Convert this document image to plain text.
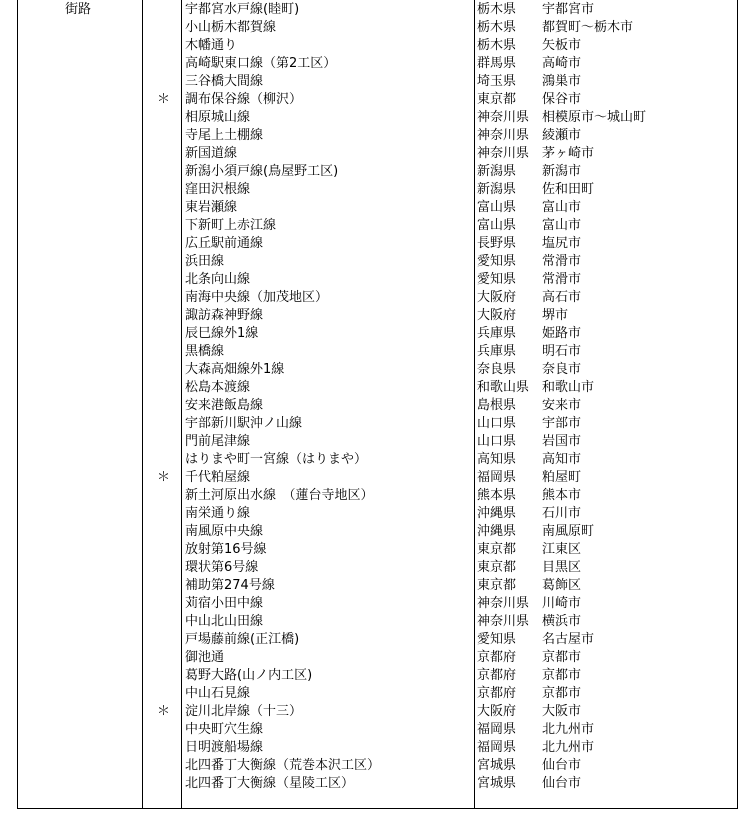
街路	宇都宮水戸線(睦町)	栃木県 宇都宮市
小山栃木都賀線	栃木県 都賀町～栃木市
木幡通り	栃木県 矢板市
高崎駅東口線（第2工区）	群馬県 高崎市
三谷橋大間線	埼玉県 鴻巣市
＊ 調布保谷線（柳沢）	東京都 保谷市
相原城山線	神奈川県 相模原市～城山町
寺尾上土棚線	神奈川県 綾瀬市
新国道線	神奈川県 茅ヶ崎市
新潟小須戸線(鳥屋野工区)	新潟県 新潟市
窪田沢根線	新潟県 佐和田町
東岩瀬線	富山県 富山市
下新町上赤江線	富山県 富山市
広丘駅前通線	長野県 塩尻市
浜田線	愛知県 常滑市
北条向山線	愛知県 常滑市
南海中央線（加茂地区）	大阪府 高石市
諏訪森神野線	大阪府 堺市
辰巳線外1線	兵庫県 姫路市
黒橋線	兵庫県 明石市
大森高畑線外1線	奈良県 奈良市
松島本渡線	和歌山県 和歌山市
安来港飯島線	島根県 安来市
宇部新川駅沖ノ山線	山口県 宇部市
門前尾津線	山口県 岩国市
はりまや町一宮線（はりまや）	高知県 高知市
＊ 千代粕屋線	福岡県 粕屋町
新土河原出水線　（蓮台寺地区）	熊本県 熊本市
南栄通り線	沖縄県 石川市
南風原中央線	沖縄県 南風原町
放射第16号線	東京都 江東区
環状第6号線	東京都 目黒区
補助第274号線	東京都 葛飾区
苅宿小田中線	神奈川県 川崎市
中山北山田線	神奈川県 横浜市
戸場藤前線(正江橋)	愛知県 名古屋市
御池通	京都府 京都市
葛野大路(山ノ内工区)	京都府 京都市
中山石見線	京都府 京都市
＊ 淀川北岸線（十三）	大阪府 大阪市
中央町穴生線	福岡県 北九州市
日明渡船場線	福岡県 北九州市
北四番丁大衡線（荒巻本沢工区）	宮城県 仙台市
北四番丁大衡線（星陵工区）	宮城県 仙台市
